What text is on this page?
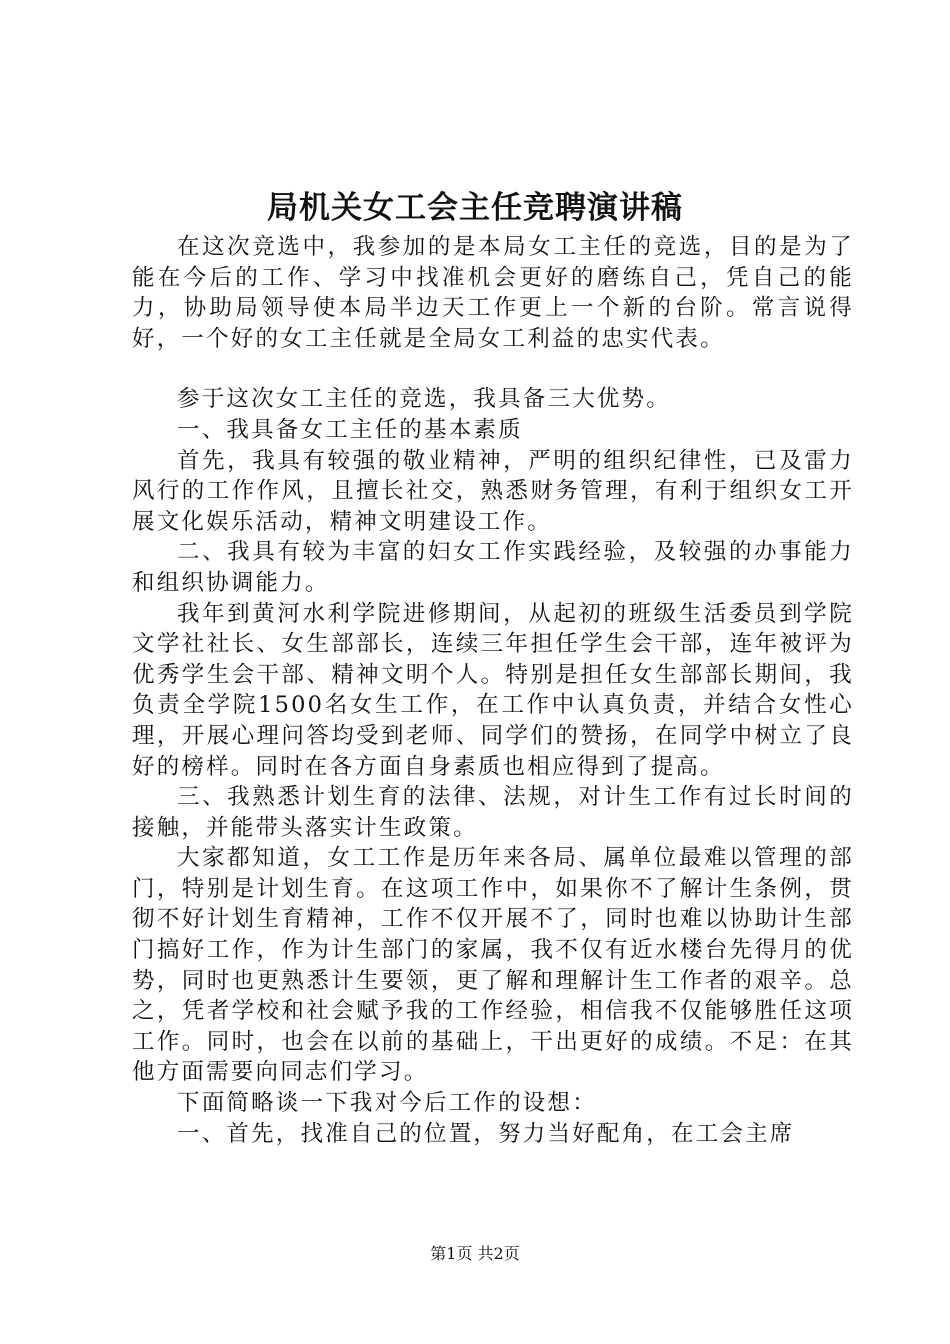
局机关女工会主任竞聘演讲稿

在这次竞选中，我参加的是本局女工主任的竞选，目的是为了能在今后的工作、学习中找准机会更好的磨练自己，凭自己的能力，协助局领导使本局半边天工作更上一个新的台阶。常言说得好，一个好的女工主任就是全局女工利益的忠实代表。

参于这次女工主任的竞选，我具备三大优势。

一、我具备女工主任的基本素质

首先，我具有较强的敬业精神，严明的组织纪律性，已及雷力风行的工作作风，且擅长社交，熟悉财务管理，有利于组织女工开展文化娱乐活动，精神文明建设工作。

二、我具有较为丰富的妇女工作实践经验，及较强的办事能力和组织协调能力。

我年到黄河水利学院进修期间，从起初的班级生活委员到学院文学社社长、女生部部长，连续三年担任学生会干部，连年被评为优秀学生会干部、精神文明个人。特别是担任女生部部长期间，我负责全学院1500名女生工作，在工作中认真负责，并结合女性心理，开展心理问答均受到老师、同学们的赞扬，在同学中树立了良好的榜样。同时在各方面自身素质也相应得到了提高。

三、我熟悉计划生育的法律、法规，对计生工作有过长时间的接触，并能带头落实计生政策。

大家都知道，女工工作是历年来各局、属单位最难以管理的部门，特别是计划生育。在这项工作中，如果你不了解计生条例，贯彻不好计划生育精神，工作不仅开展不了，同时也难以协助计生部门搞好工作，作为计生部门的家属，我不仅有近水楼台先得月的优势，同时也更熟悉计生要领，更了解和理解计生工作者的艰辛。总之，凭者学校和社会赋予我的工作经验，相信我不仅能够胜任这项工作。同时，也会在以前的基础上，干出更好的成绩。不足：在其他方面需要向同志们学习。

下面简略谈一下我对今后工作的设想：

一、首先，找准自己的位置，努力当好配角，在工会主席

第1页 共2页
